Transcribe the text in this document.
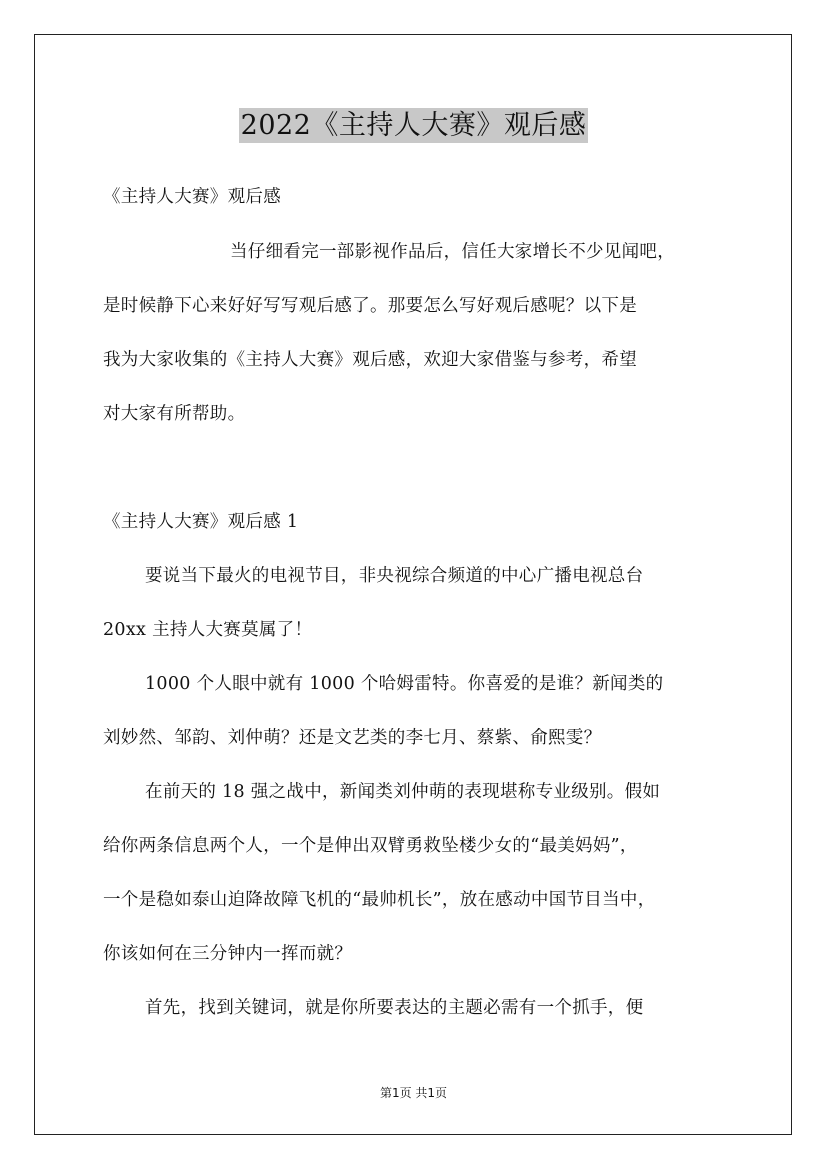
2022《主持人大赛》观后感
《主持人大赛》观后感
当仔细看完一部影视作品后，信任大家增长不少见闻吧，
是时候静下心来好好写写观后感了。那要怎么写好观后感呢？以下是
我为大家收集的《主持人大赛》观后感，欢迎大家借鉴与参考，希望
对大家有所帮助。
《主持人大赛》观后感 1
要说当下最火的电视节目，非央视综合频道的中心广播电视总台
20xx 主持人大赛莫属了！
1000 个人眼中就有 1000 个哈姆雷特。你喜爱的是谁？新闻类的
刘妙然、邹韵、刘仲萌？还是文艺类的李七月、蔡紫、俞熙雯？
在前天的 18 强之战中，新闻类刘仲萌的表现堪称专业级别。假如
给你两条信息两个人，一个是伸出双臂勇救坠楼少女的“最美妈妈”，
一个是稳如泰山迫降故障飞机的“最帅机长”，放在感动中国节目当中，
你该如何在三分钟内一挥而就？
首先，找到关键词，就是你所要表达的主题必需有一个抓手，便
第1页 共1页
